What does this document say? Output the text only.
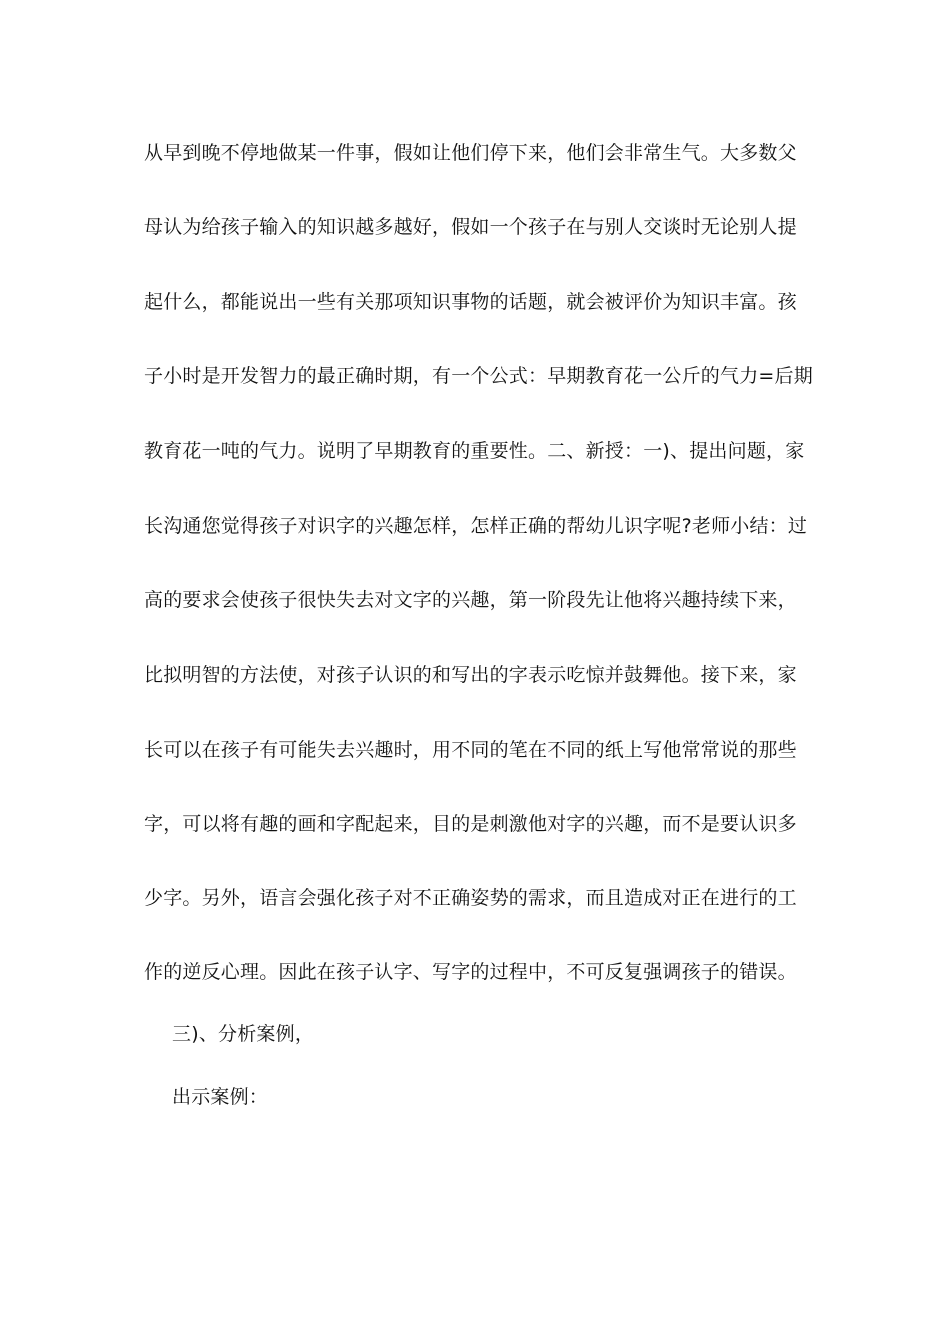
从早到晚不停地做某一件事，假如让他们停下来，他们会非常生气。大多数父
母认为给孩子输入的知识越多越好，假如一个孩子在与别人交谈时无论别人提
起什么，都能说出一些有关那项知识事物的话题，就会被评价为知识丰富。孩
子小时是开发智力的最正确时期，有一个公式：早期教育花一公斤的气力=后期
教育花一吨的气力。说明了早期教育的重要性。二、新授：一)、提出问题，家
长沟通您觉得孩子对识字的兴趣怎样，怎样正确的帮幼儿识字呢?老师小结：过
高的要求会使孩子很快失去对文字的兴趣，第一阶段先让他将兴趣持续下来，
比拟明智的方法使，对孩子认识的和写出的字表示吃惊并鼓舞他。接下来，家
长可以在孩子有可能失去兴趣时，用不同的笔在不同的纸上写他常常说的那些
字，可以将有趣的画和字配起来，目的是刺激他对字的兴趣，而不是要认识多
少字。另外，语言会强化孩子对不正确姿势的需求，而且造成对正在进行的工
作的逆反心理。因此在孩子认字、写字的过程中，不可反复强调孩子的错误。
三)、分析案例，
出示案例：
